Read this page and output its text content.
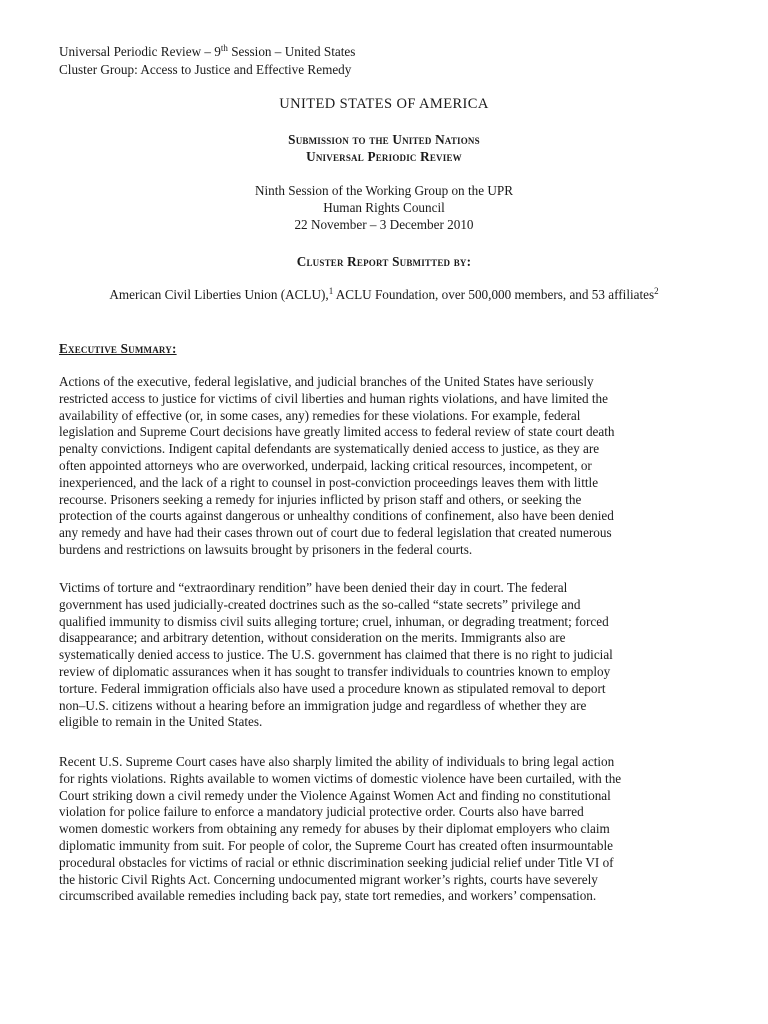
Universal Periodic Review – 9th Session – United States
Cluster Group: Access to Justice and Effective Remedy
UNITED STATES OF AMERICA
Submission to the United Nations
Universal Periodic Review
Ninth Session of the Working Group on the UPR
Human Rights Council
22 November – 3 December 2010
Cluster Report Submitted by:
American Civil Liberties Union (ACLU),$^1$ ACLU Foundation, over 500,000 members, and 53 affiliates$^2$
Executive Summary:
Actions of the executive, federal legislative, and judicial branches of the United States have seriously
restricted access to justice for victims of civil liberties and human rights violations, and have limited the
availability of effective (or, in some cases, any) remedies for these violations. For example, federal
legislation and Supreme Court decisions have greatly limited access to federal review of state court death
penalty convictions. Indigent capital defendants are systematically denied access to justice, as they are
often appointed attorneys who are overworked, underpaid, lacking critical resources, incompetent, or
inexperienced, and the lack of a right to counsel in post-conviction proceedings leaves them with little
recourse. Prisoners seeking a remedy for injuries inflicted by prison staff and others, or seeking the
protection of the courts against dangerous or unhealthy conditions of confinement, also have been denied
any remedy and have had their cases thrown out of court due to federal legislation that created numerous
burdens and restrictions on lawsuits brought by prisoners in the federal courts.
Victims of torture and “extraordinary rendition” have been denied their day in court. The federal
government has used judicially-created doctrines such as the so-called “state secrets” privilege and
qualified immunity to dismiss civil suits alleging torture; cruel, inhuman, or degrading treatment; forced
disappearance; and arbitrary detention, without consideration on the merits. Immigrants also are
systematically denied access to justice. The U.S. government has claimed that there is no right to judicial
review of diplomatic assurances when it has sought to transfer individuals to countries known to employ
torture. Federal immigration officials also have used a procedure known as stipulated removal to deport
non–U.S. citizens without a hearing before an immigration judge and regardless of whether they are
eligible to remain in the United States.
Recent U.S. Supreme Court cases have also sharply limited the ability of individuals to bring legal action
for rights violations. Rights available to women victims of domestic violence have been curtailed, with the
Court striking down a civil remedy under the Violence Against Women Act and finding no constitutional
violation for police failure to enforce a mandatory judicial protective order. Courts also have barred
women domestic workers from obtaining any remedy for abuses by their diplomat employers who claim
diplomatic immunity from suit. For people of color, the Supreme Court has created often insurmountable
procedural obstacles for victims of racial or ethnic discrimination seeking judicial relief under Title VI of
the historic Civil Rights Act. Concerning undocumented migrant worker’s rights, courts have severely
circumscribed available remedies including back pay, state tort remedies, and workers’ compensation.
